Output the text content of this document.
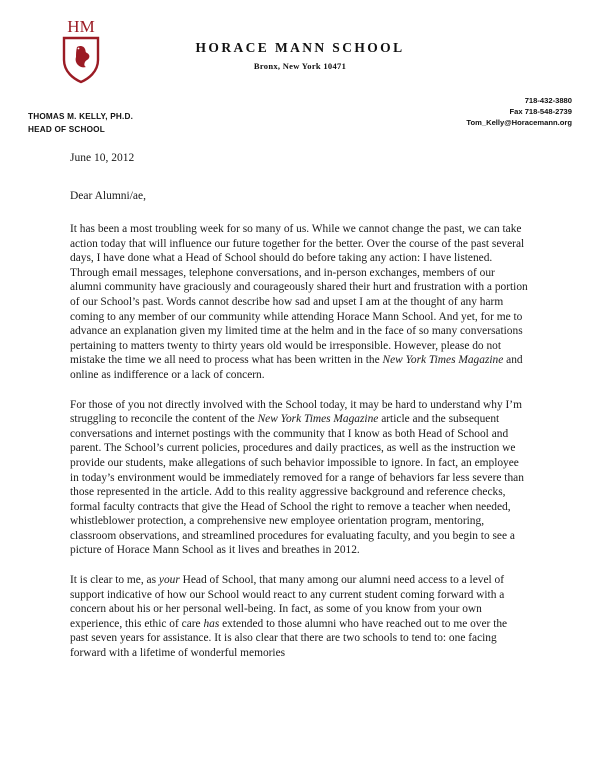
HM
HORACE MANN SCHOOL
Bronx, New York 10471
718-432-3880
Fax 718-548-2739
Tom_Kelly@Horacemann.org
THOMAS M. KELLY, PH.D.
HEAD OF SCHOOL
June 10, 2012
Dear Alumni/ae,

It has been a most troubling week for so many of us. While we cannot change the past, we can take action today that will influence our future together for the better. Over the course of the past several days, I have done what a Head of School should do before taking any action: I have listened. Through email messages, telephone conversations, and in-person exchanges, members of our alumni community have graciously and courageously shared their hurt and frustration with a portion of our School’s past. Words cannot describe how sad and upset I am at the thought of any harm coming to any member of our community while attending Horace Mann School. And yet, for me to advance an explanation given my limited time at the helm and in the face of so many conversations pertaining to matters twenty to thirty years old would be irresponsible. However, please do not mistake the time we all need to process what has been written in the New York Times Magazine and online as indifference or a lack of concern.

For those of you not directly involved with the School today, it may be hard to understand why I’m struggling to reconcile the content of the New York Times Magazine article and the subsequent conversations and internet postings with the community that I know as both Head of School and parent. The School’s current policies, procedures and daily practices, as well as the instruction we provide our students, make allegations of such behavior impossible to ignore. In fact, an employee in today’s environment would be immediately removed for a range of behaviors far less severe than those represented in the article. Add to this reality aggressive background and reference checks, formal faculty contracts that give the Head of School the right to remove a teacher when needed, whistleblower protection, a comprehensive new employee orientation program, mentoring, classroom observations, and streamlined procedures for evaluating faculty, and you begin to see a picture of Horace Mann School as it lives and breathes in 2012.

It is clear to me, as your Head of School, that many among our alumni need access to a level of support indicative of how our School would react to any current student coming forward with a concern about his or her personal well-being. In fact, as some of you know from your own experience, this ethic of care has extended to those alumni who have reached out to me over the past seven years for assistance. It is also clear that there are two schools to tend to: one facing forward with a lifetime of wonderful memories
